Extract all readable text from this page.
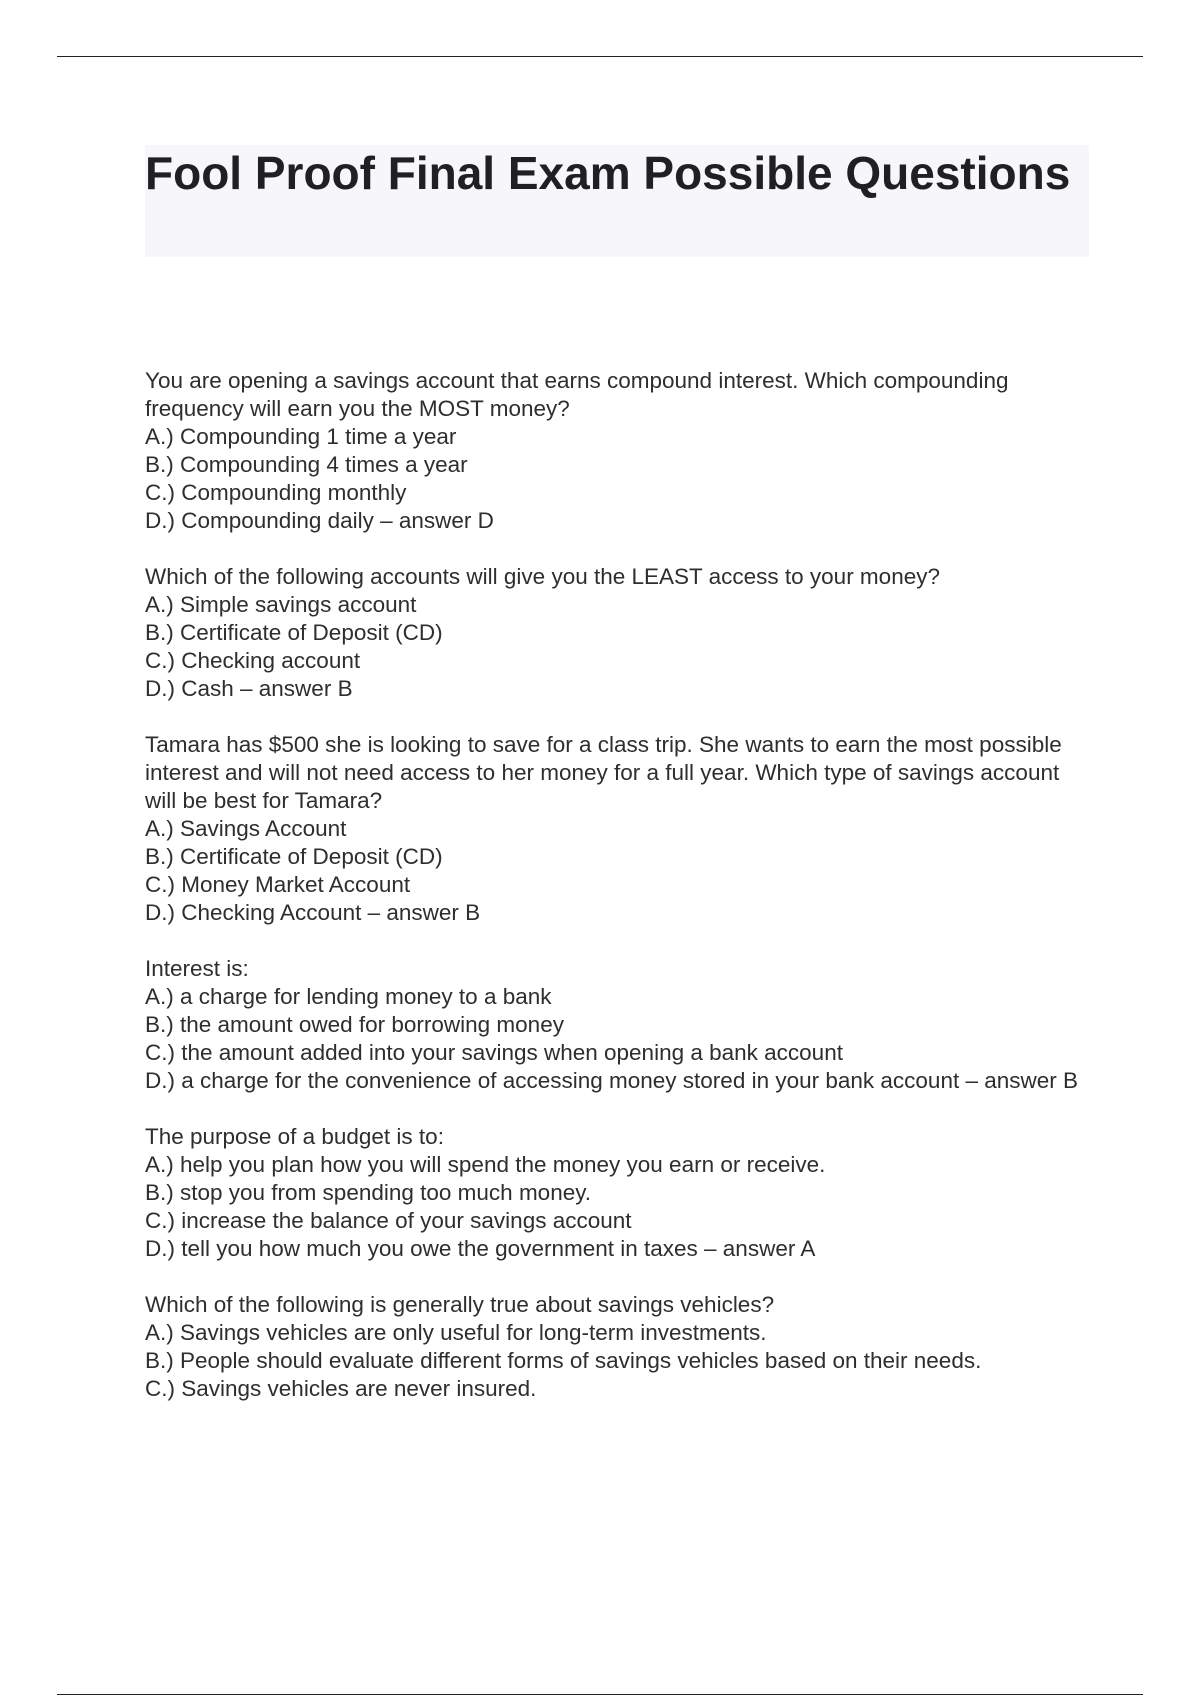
Fool Proof Final Exam Possible Questions

You are opening a savings account that earns compound interest. Which compounding frequency will earn you the MOST money?

A.) Compounding 1 time a year

B.) Compounding 4 times a year

C.) Compounding monthly

D.) Compounding daily – answer D

Which of the following accounts will give you the LEAST access to your money?

A.) Simple savings account

B.) Certificate of Deposit (CD)

C.) Checking account

D.) Cash – answer B

Tamara has $500 she is looking to save for a class trip. She wants to earn the most possible interest and will not need access to her money for a full year. Which type of savings account will be best for Tamara?

A.) Savings Account

B.) Certificate of Deposit (CD)

C.) Money Market Account

D.) Checking Account – answer B

Interest is:

A.) a charge for lending money to a bank

B.) the amount owed for borrowing money

C.) the amount added into your savings when opening a bank account

D.) a charge for the convenience of accessing money stored in your bank account – answer B

The purpose of a budget is to:

A.) help you plan how you will spend the money you earn or receive.

B.) stop you from spending too much money.

C.) increase the balance of your savings account

D.) tell you how much you owe the government in taxes – answer A

Which of the following is generally true about savings vehicles?

A.) Savings vehicles are only useful for long-term investments.

B.) People should evaluate different forms of savings vehicles based on their needs.

C.) Savings vehicles are never insured.
